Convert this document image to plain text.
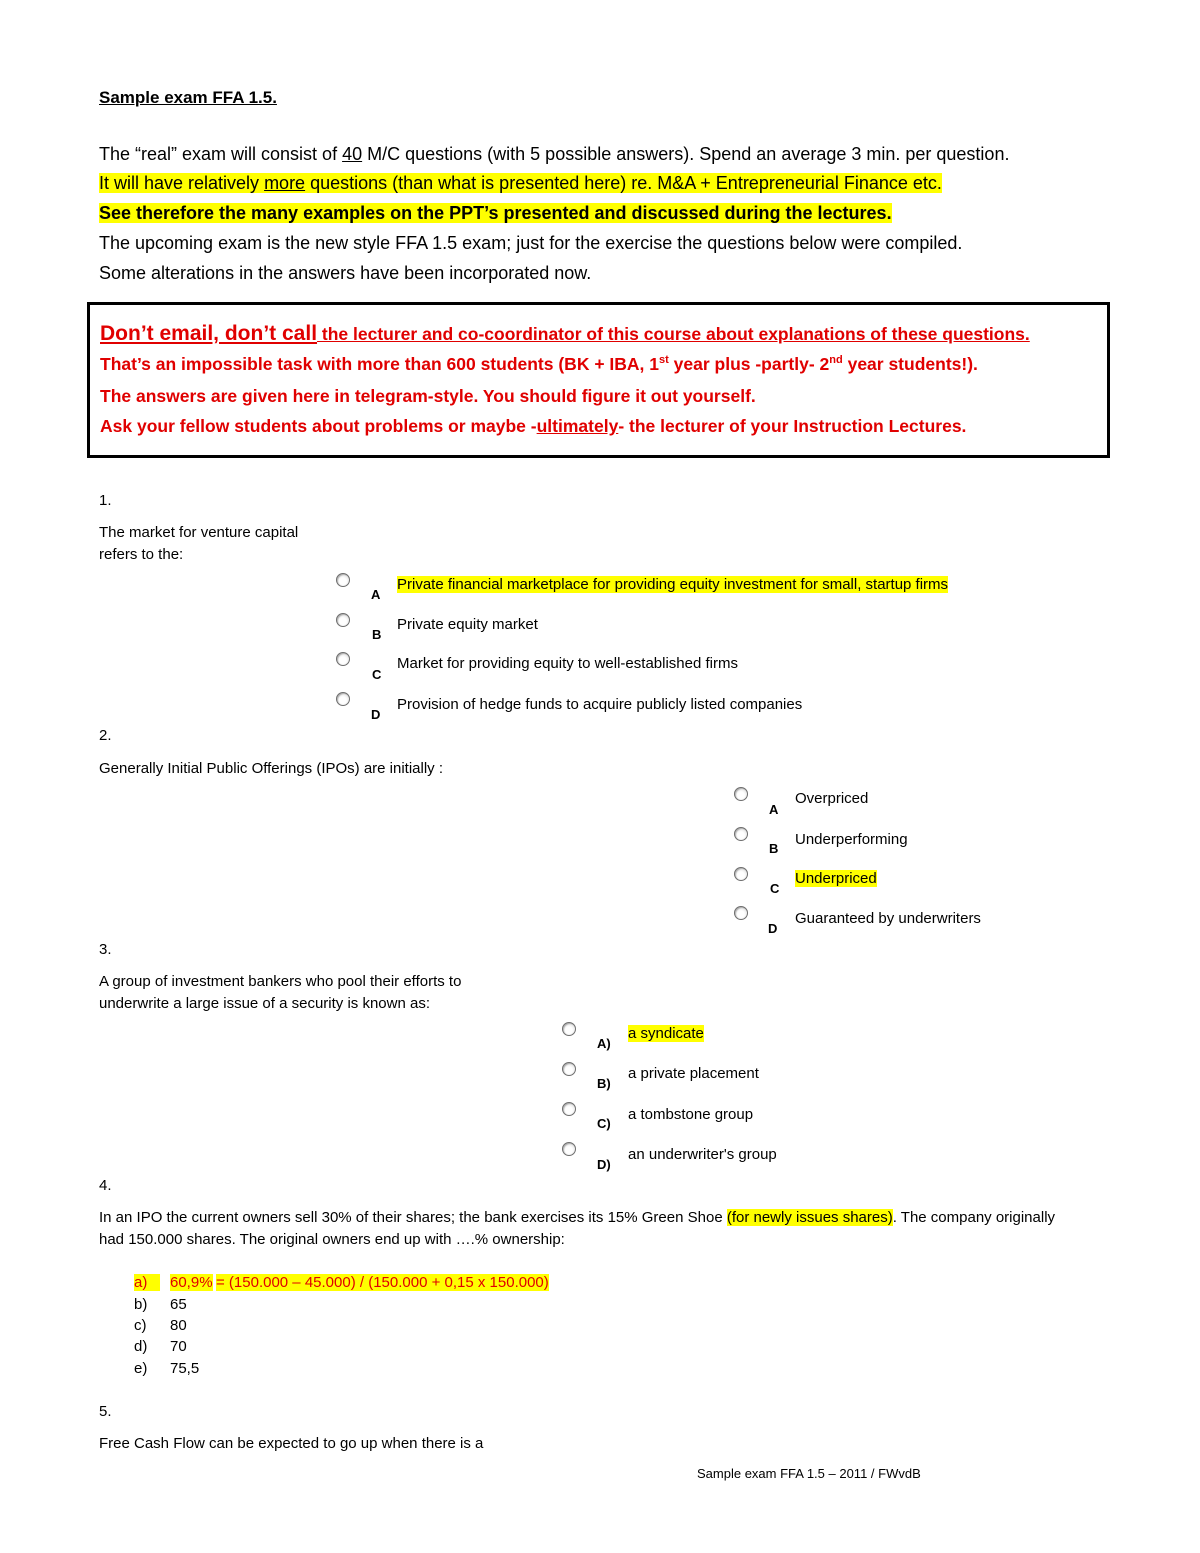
Sample exam FFA 1.5.
The “real” exam will consist of 40 M/C questions (with 5 possible answers). Spend an average 3 min. per question.
It will have relatively more questions (than what is presented here) re. M&A + Entrepreneurial Finance etc.
See therefore the many examples on the PPT’s presented and discussed during the lectures.
The upcoming exam is the new style FFA 1.5 exam; just for the exercise the questions below were compiled.
Some alterations in the answers have been incorporated now.
Don’t email, don’t call the lecturer and co-coordinator of this course about explanations of these questions.
That’s an impossible task with more than 600 students (BK + IBA, 1st year plus -partly- 2nd year students!).
The answers are given here in telegram-style. You should figure it out yourself.
Ask your fellow students about problems or maybe -ultimately- the lecturer of your Instruction Lectures.
1.
The market for venture capital
refers to the:
A
Private financial marketplace for providing equity investment for small, startup firms
B
Private equity market
C
Market for providing equity to well-established firms
D
Provision of hedge funds to acquire publicly listed companies
2.
Generally Initial Public Offerings (IPOs) are initially :
A
Overpriced
B
Underperforming
C
Underpriced
D
Guaranteed by underwriters
3.
A group of investment bankers who pool their efforts to
underwrite a large issue of a security is known as:
A)
a syndicate
B)
a private placement
C)
a tombstone group
D)
an underwriter's group
4.
In an IPO the current owners sell 30% of their shares; the bank exercises its 15% Green Shoe (for newly issues shares). The company originally
had 150.000 shares. The original owners end up with ….% ownership:
a)	60,9% = (150.000 – 45.000) / (150.000 + 0,15 x 150.000)
b) 65
c) 80
d) 70
e) 75,5
5.
Free Cash Flow can be expected to go up when there is a
Sample exam FFA 1.5 – 2011 / FWvdB
